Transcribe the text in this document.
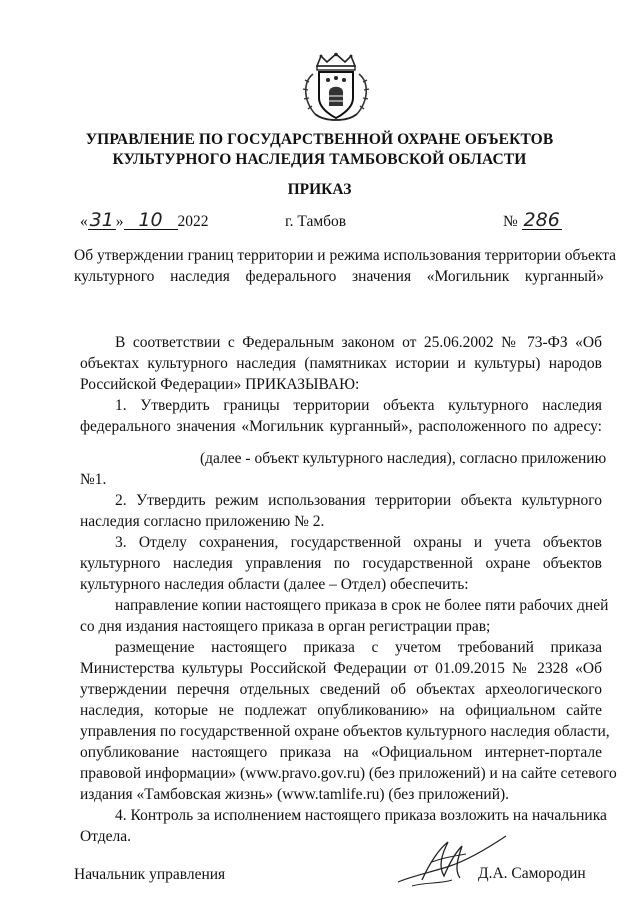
УПРАВЛЕНИЕ ПО ГОСУДАРСТВЕННОЙ ОХРАНЕ ОБЪЕКТОВ
КУЛЬТУРНОГО НАСЛЕДИЯ ТАМБОВСКОЙ ОБЛАСТИ
ПРИКАЗ
« 31 » 10 2022	г. Тамбов	№ 286

Об утверждении границ территории и режима использования территории объекта

культурного наследия федерального значения «Могильник курганный»

В соответствии с Федеральным законом от 25.06.2002 № 73-ФЗ «Об

объектах культурного наследия (памятниках истории и культуры) народов

Российской Федерации» ПРИКАЗЫВАЮ:

1. Утвердить границы территории объекта культурного наследия

федерального значения «Могильник курганный», расположенного по адресу:

(далее - объект культурного наследия), согласно приложению

№1.

2. Утвердить режим использования территории объекта культурного

наследия согласно приложению № 2.

3. Отделу сохранения, государственной охраны и учета объектов

культурного наследия управления по государственной охране объектов

культурного наследия области (далее – Отдел) обеспечить:

направление копии настоящего приказа в срок не более пяти рабочих дней

со дня издания настоящего приказа в орган регистрации прав;

размещение настоящего приказа с учетом требований приказа

Министерства культуры Российской Федерации от 01.09.2015 № 2328 «Об

утверждении перечня отдельных сведений об объектах археологического

наследия, которые не подлежат опубликованию» на официальном сайте

управления по государственной охране объектов культурного наследия области,

опубликование настоящего приказа на «Официальном интернет-портале

правовой информации» (www.pravo.gov.ru) (без приложений) и на сайте сетевого

издания «Тамбовская жизнь» (www.tamlife.ru) (без приложений).

4. Контроль за исполнением настоящего приказа возложить на начальника

Отдела.

Начальник управления	Д.А. Самородин
